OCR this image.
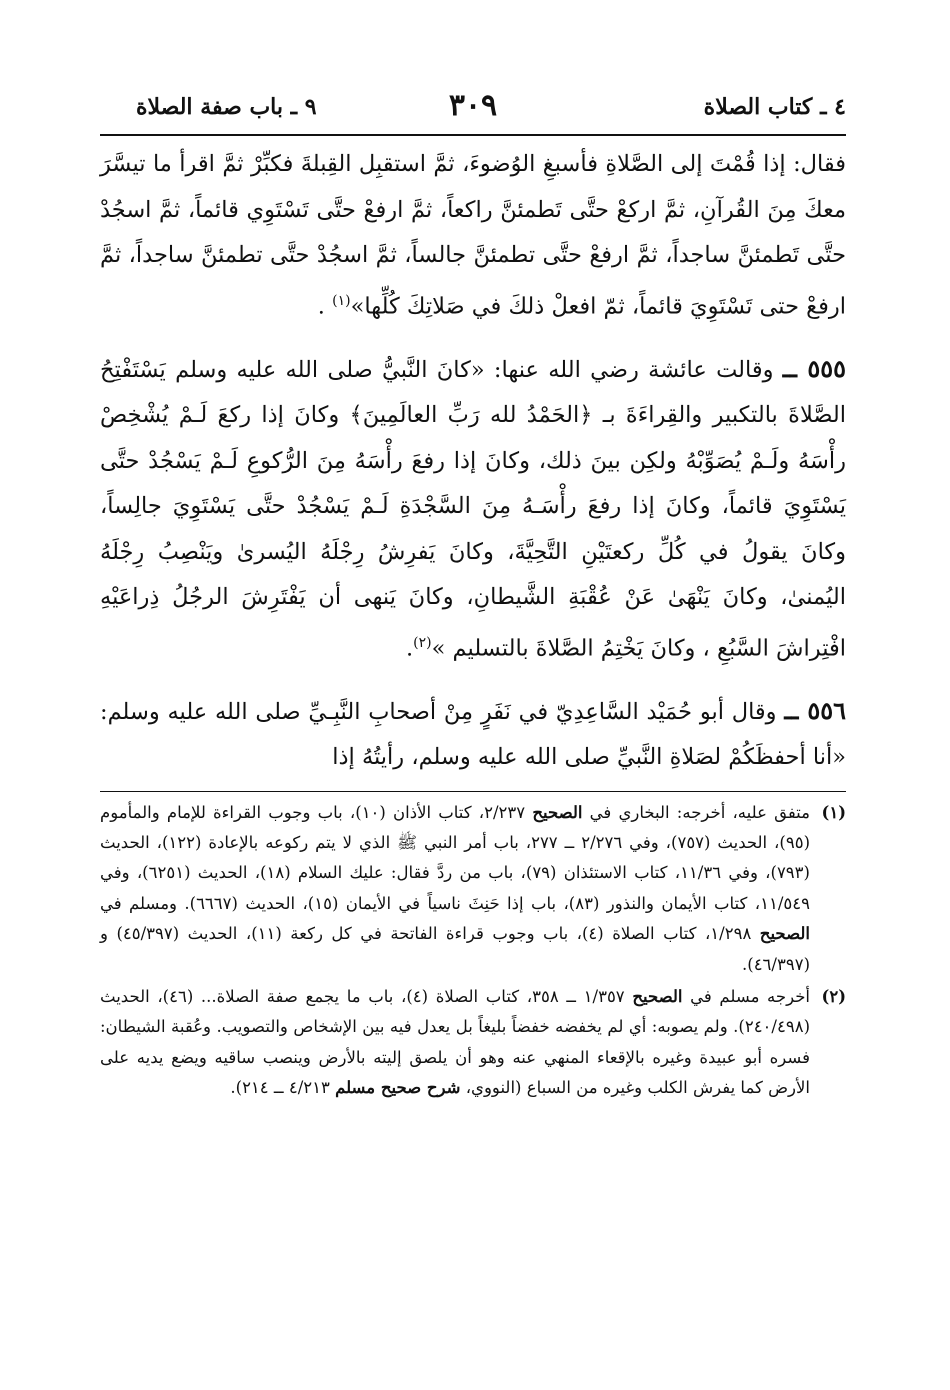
٤ ـ كتاب الصلاة
٣٠٩
٩ ـ باب صفة الصلاة

فقال: إذا قُمْتَ إلى الصَّلاةِ فأسبغِ الوُضوءَ، ثمَّ استقبِل القِبلةَ فكبِّرْ ثمَّ اقرأ ما تيسَّرَ معكَ مِنَ القُرآنِ، ثمَّ اركعْ حتَّى تَطمئنَّ راكعاً، ثمَّ ارفعْ حتَّى تَسْتَوِي قائماً، ثمَّ اسجُدْ حتَّى تَطمئنَّ ساجداً، ثمَّ ارفعْ حتَّى تطمئنَّ جالساً، ثمَّ اسجُدْ حتَّى تطمئنَّ ساجداً، ثمَّ ارفعْ حتى تَسْتَوِيَ قائماً، ثمّ افعلْ ذلكَ في صَلاتِكَ كُلِّها»$^{(١)}$ .

٥٥٥ ــ وقالت عائشة رضي الله عنها: «كانَ النَّبيُّ صلى الله عليه وسلم يَسْتَفْتِحُ الصَّلاةَ بالتكبير والقِراءَةَ بـ ﴿الحَمْدُ لله رَبِّ العالَمِينَ﴾ وكانَ إذا ركعَ لَـمْ يُشْخِصْ رأْسَهُ ولَـمْ يُصَوِّبْهُ ولكِن بينَ ذلك، وكانَ إذا رفعَ رأْسَهُ مِنَ الرُّكوعِ لَـمْ يَسْجُدْ حتَّى يَسْتَوِيَ قائماً، وكانَ إذا رفعَ رأْسَـهُ مِنَ السَّجْدَةِ لَـمْ يَسْجُدْ حتَّى يَسْتَوِيَ جالِساً، وكانَ يقولُ في كُلِّ ركعتَيْنِ التَّحِيَّةَ، وكانَ يَفرِشُ رِجْلَهُ اليُسرىٰ ويَنْصِبُ رِجْلَهُ اليُمنىٰ، وكانَ يَنْهَىٰ عَنْ عُقْبَةِ الشَّيطانِ، وكانَ يَنهى أن يَفْتَرِشَ الرجُلُ ذِراعَيْهِ افْتِراشَ السَّبُعِ ، وكانَ يَخْتِمُ الصَّلاةَ بالتسليم »$^{(٢)}$.

٥٥٦ ــ وقال أبو حُمَيْد السَّاعِدِيّ في نَفَرٍ مِنْ أصحابِ النَّبِـيِّ صلى الله عليه وسلم: «أنا أحفظَكُمْ لصَلاةِ النَّبيِّ صلى الله عليه وسلم، رأيتُهُ إذا

(١)
متفق عليه، أخرجه: البخاري في الصحيح ٢/٢٣٧، كتاب الأذان (١٠)، باب وجوب القراءة للإمام والمأموم (٩٥)، الحديث (٧٥٧)، وفي ٢/٢٧٦ ــ ٢٧٧، باب أمر النبي ﷺ الذي لا يتم ركوعه بالإعادة (١٢٢)، الحديث (٧٩٣)، وفي ١١/٣٦، كتاب الاستئذان (٧٩)، باب من ردَّ فقال: عليك السلام (١٨)، الحديث (٦٢٥١)، وفي ١١/٥٤٩، كتاب الأيمان والنذور (٨٣)، باب إذا حَنِثَ ناسياً في الأيمان (١٥)، الحديث (٦٦٦٧). ومسلم في الصحيح ١/٢٩٨، كتاب الصلاة (٤)، باب وجوب قراءة الفاتحة في كل ركعة (١١)، الحديث (٤٥/٣٩٧) و (٤٦/٣٩٧).
(٢)
أخرجه مسلم في الصحيح ١/٣٥٧ ــ ٣٥٨، كتاب الصلاة (٤)، باب ما يجمع صفة الصلاة... (٤٦)، الحديث (٢٤٠/٤٩٨). ولم يصوبه: أي لم يخفضه خفضاً بليغاً بل يعدل فيه بين الإشخاص والتصويب. وعُقبة الشيطان: فسره أبو عبيدة وغيره بالإقعاء المنهي عنه وهو أن يلصق إليته بالأرض وينصب ساقيه ويضع يديه على الأرض كما يفرش الكلب وغيره من السباع (النووي، شرح صحيح مسلم ٤/٢١٣ ــ ٢١٤).
